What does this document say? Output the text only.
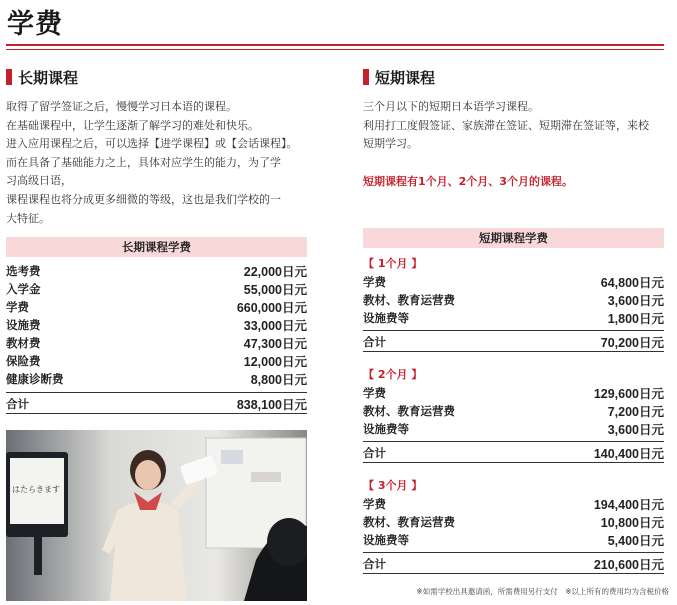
学费
长期课程
取得了留学签证之后，慢慢学习日本语的课程。
在基础课程中，让学生逐渐了解学习的难处和快乐。
进入应用课程之后，可以选择【进学课程】或【会话课程】。
而在具备了基础能力之上，具体对应学生的能力，为了学
习高级日语，
课程课程也将分成更多细微的等级，这也是我们学校的一
大特征。
长期课程学费
选考费	22,000日元
入学金	55,000日元
学费	660,000日元
设施费	33,000日元
教材费	47,300日元
保险费	12,000日元
健康诊断费	8,800日元
合计	838,100日元
はたらきます
短期课程
三个月以下的短期日本语学习课程。
利用打工度假签证、家族滞在签证、短期滞在签证等，来校
短期学习。
短期课程有1个月、2个月、3个月的课程。
短期课程学费
【 1个月 】
学费	64,800日元
教材、教育运营费	3,600日元
设施费等	1,800日元
合计	70,200日元
【 2个月 】
学费	129,600日元
教材、教育运营费	7,200日元
设施费等	3,600日元
合计	140,400日元
【 3个月 】
学费	194,400日元
教材、教育运营费	10,800日元
设施费等	5,400日元
合计	210,600日元
※如需学校出具邀请函，所需费用另行支付　※以上所有的费用均为含税价格
